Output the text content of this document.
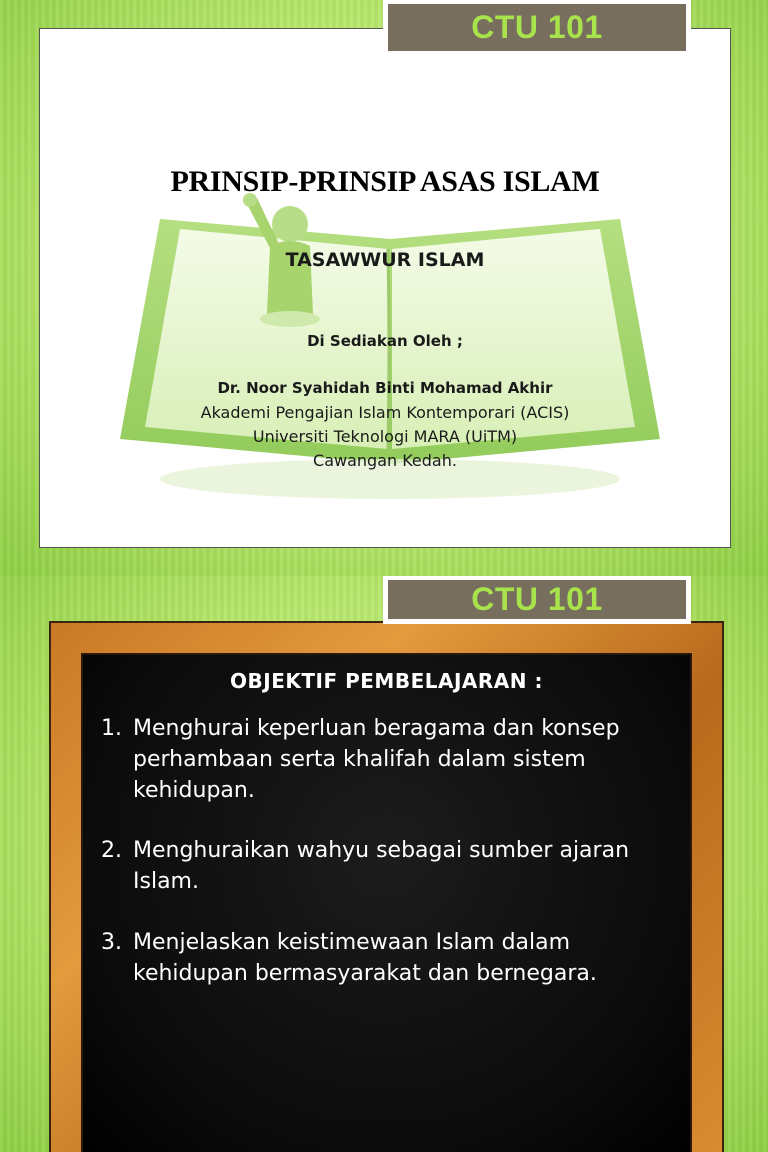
PRINSIP-PRINSIP ASAS ISLAM
TASAWWUR ISLAM
Di Sediakan Oleh ;
Dr. Noor Syahidah Binti Mohamad Akhir
Akademi Pengajian Islam Kontemporari (ACIS)
Universiti Teknologi MARA (UiTM)
Cawangan Kedah.
CTU 101
OBJEKTIF PEMBELAJARAN :
1. Menghurai keperluan beragama dan konsep perhambaan serta khalifah dalam sistem kehidupan.
2. Menghuraikan wahyu sebagai sumber ajaran Islam.
3. Menjelaskan keistimewaan Islam dalam kehidupan bermasyarakat dan bernegara.
CTU 101
